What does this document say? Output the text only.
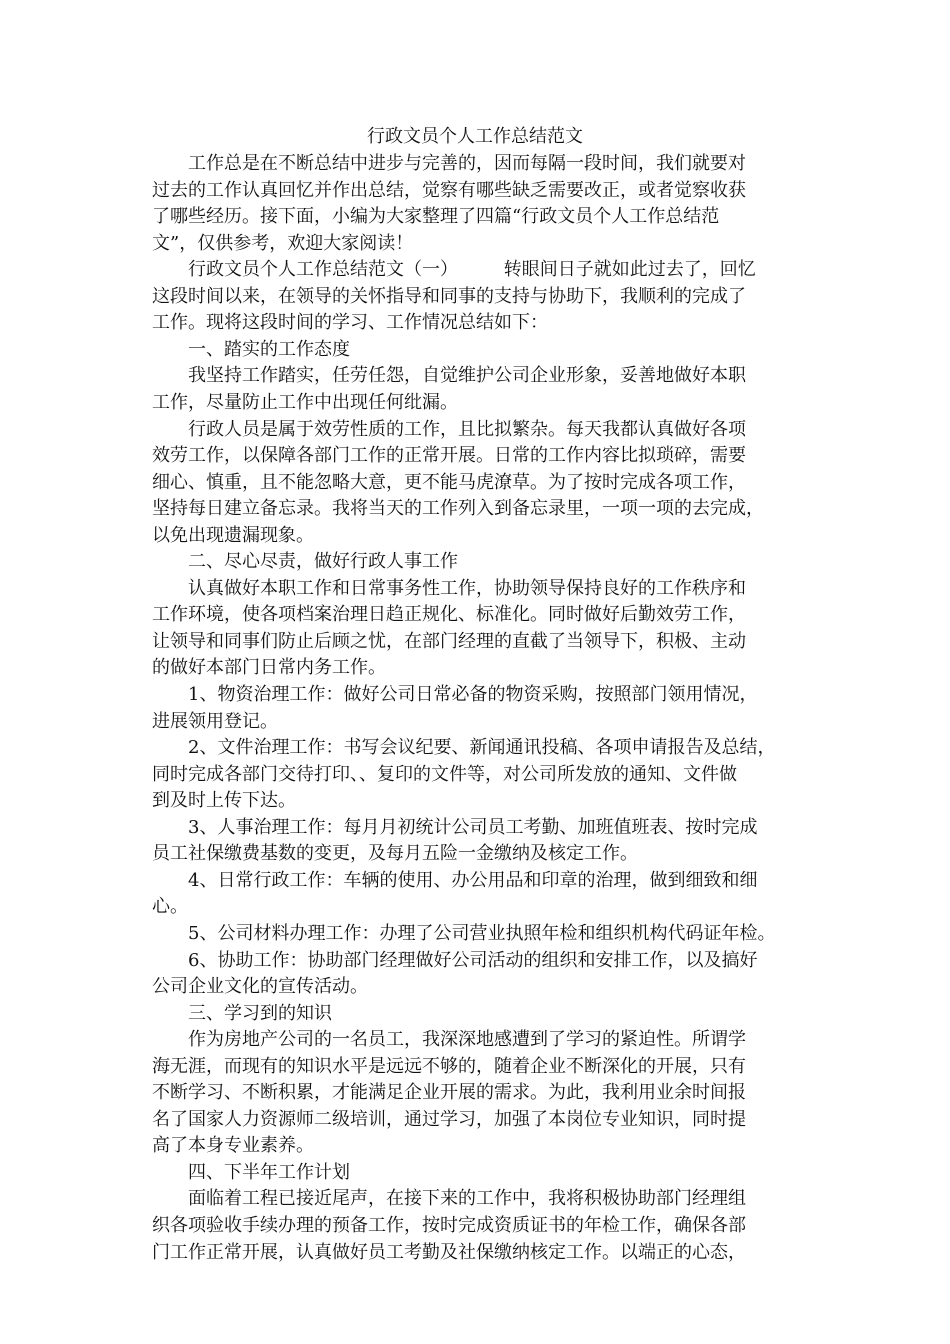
行政文员个人工作总结范文
工作总是在不断总结中进步与完善的，因而每隔一段时间，我们就要对
过去的工作认真回忆并作出总结，觉察有哪些缺乏需要改正，或者觉察收获
了哪些经历。接下面，小编为大家整理了四篇“行政文员个人工作总结范
文”，仅供参考，欢迎大家阅读！
行政文员个人工作总结范文（一）        转眼间日子就如此过去了，回忆
这段时间以来，在领导的关怀指导和同事的支持与协助下，我顺利的完成了
工作。现将这段时间的学习、工作情况总结如下：
一、踏实的工作态度
我坚持工作踏实，任劳任怨，自觉维护公司企业形象，妥善地做好本职
工作，尽量防止工作中出现任何纰漏。
行政人员是属于效劳性质的工作，且比拟繁杂。每天我都认真做好各项
效劳工作，以保障各部门工作的正常开展。日常的工作内容比拟琐碎，需要
细心、慎重，且不能忽略大意，更不能马虎潦草。为了按时完成各项工作，
坚持每日建立备忘录。我将当天的工作列入到备忘录里，一项一项的去完成，
以免出现遗漏现象。
二、尽心尽责，做好行政人事工作
认真做好本职工作和日常事务性工作，协助领导保持良好的工作秩序和
工作环境，使各项档案治理日趋正规化、标准化。同时做好后勤效劳工作，
让领导和同事们防止后顾之忧，在部门经理的直截了当领导下，积极、主动
的做好本部门日常内务工作。
1、物资治理工作：做好公司日常必备的物资采购，按照部门领用情况，
进展领用登记。
2、文件治理工作：书写会议纪要、新闻通讯投稿、各项申请报告及总结，
同时完成各部门交待打印、、复印的文件等，对公司所发放的通知、文件做
到及时上传下达。
3、人事治理工作：每月月初统计公司员工考勤、加班值班表、按时完成
员工社保缴费基数的变更，及每月五险一金缴纳及核定工作。
4、日常行政工作：车辆的使用、办公用品和印章的治理，做到细致和细
心。
5、公司材料办理工作：办理了公司营业执照年检和组织机构代码证年检。
6、协助工作：协助部门经理做好公司活动的组织和安排工作，以及搞好
公司企业文化的宣传活动。
三、学习到的知识
作为房地产公司的一名员工，我深深地感遭到了学习的紧迫性。所谓学
海无涯，而现有的知识水平是远远不够的，随着企业不断深化的开展，只有
不断学习、不断积累，才能满足企业开展的需求。为此，我利用业余时间报
名了国家人力资源师二级培训，通过学习，加强了本岗位专业知识，同时提
高了本身专业素养。
四、下半年工作计划
面临着工程已接近尾声，在接下来的工作中，我将积极协助部门经理组
织各项验收手续办理的预备工作，按时完成资质证书的年检工作，确保各部
门工作正常开展，认真做好员工考勤及社保缴纳核定工作。以端正的心态，
